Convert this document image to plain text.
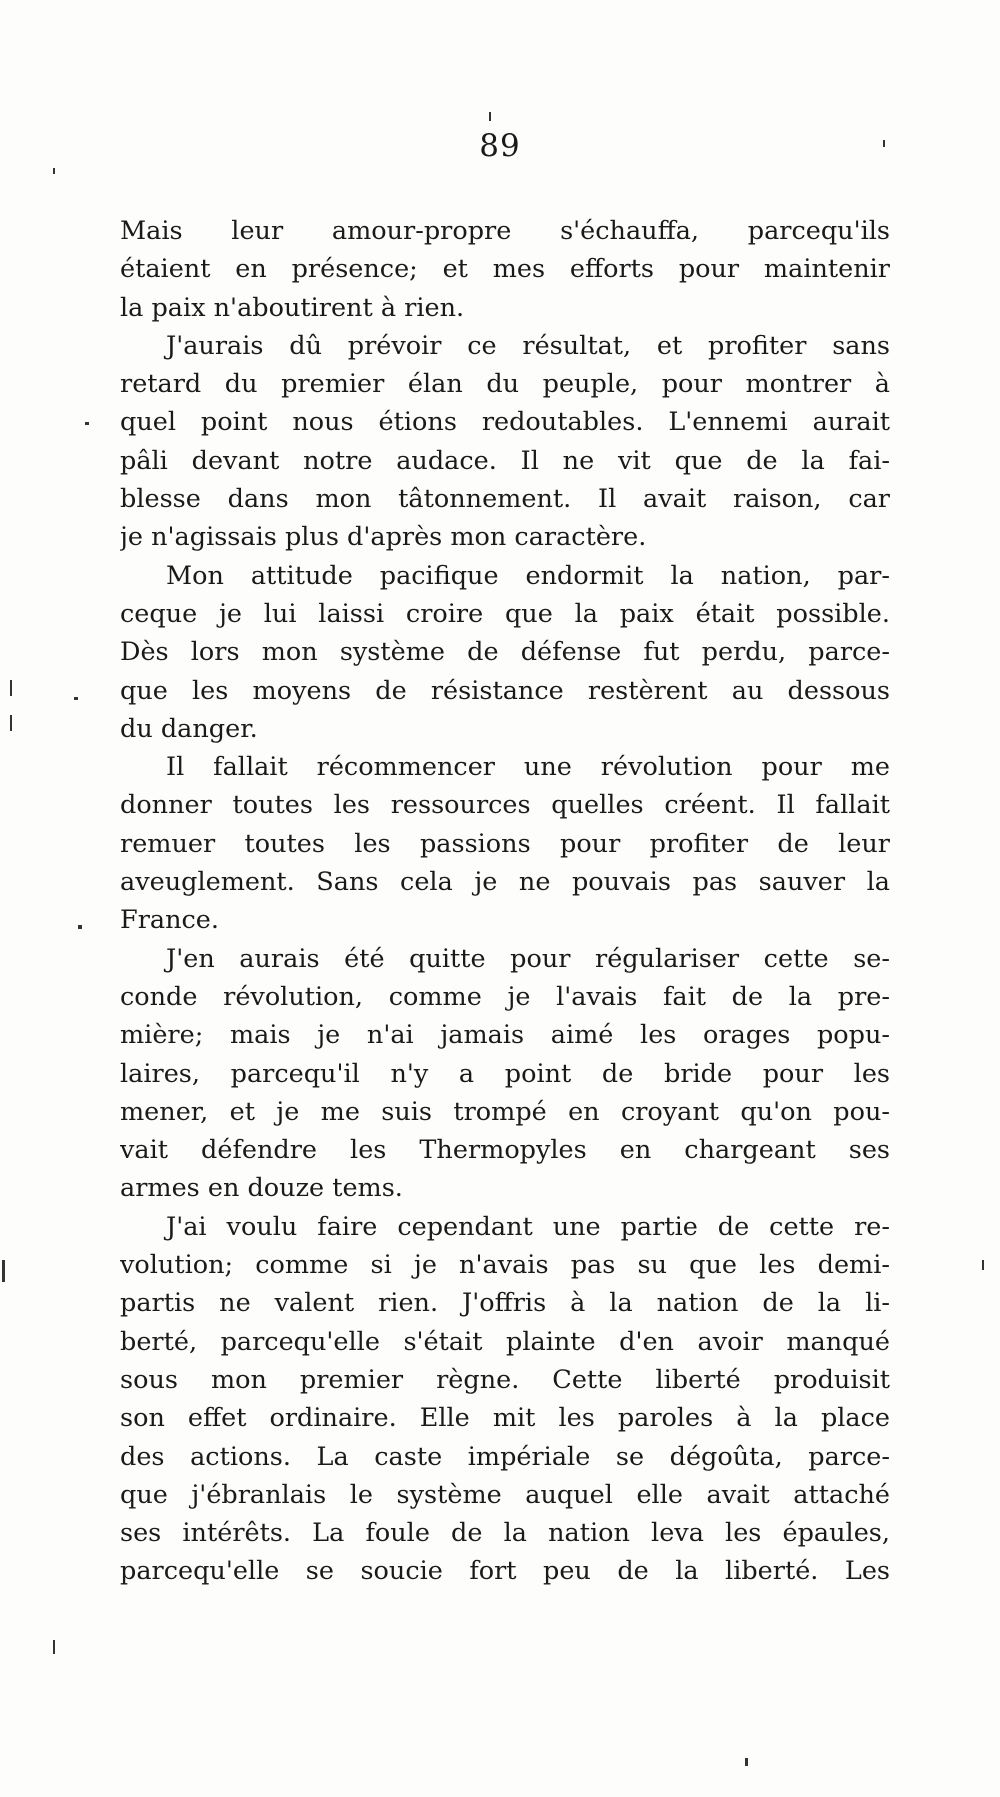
89
Mais leur amour-propre s'échauffa, parcequ'ils
étaient en présence; et mes efforts pour maintenir
la paix n'aboutirent à rien.
J'aurais dû prévoir ce résultat, et profiter sans
retard du premier élan du peuple, pour montrer à
quel point nous étions redoutables. L'ennemi aurait
pâli devant notre audace. Il ne vit que de la fai-
blesse dans mon tâtonnement. Il avait raison, car
je n'agissais plus d'après mon caractère.
Mon attitude pacifique endormit la nation, par-
ceque je lui laissi croire que la paix était possible.
Dès lors mon système de défense fut perdu, parce-
que les moyens de résistance restèrent au dessous
du danger.
Il fallait récommencer une révolution pour me
donner toutes les ressources quelles créent. Il fallait
remuer toutes les passions pour profiter de leur
aveuglement. Sans cela je ne pouvais pas sauver la
France.
J'en aurais été quitte pour régulariser cette se-
conde révolution, comme je l'avais fait de la pre-
mière; mais je n'ai jamais aimé les orages popu-
laires, parcequ'il n'y a point de bride pour les
mener, et je me suis trompé en croyant qu'on pou-
vait défendre les Thermopyles en chargeant ses
armes en douze tems.
J'ai voulu faire cependant une partie de cette re-
volution; comme si je n'avais pas su que les demi-
partis ne valent rien. J'offris à la nation de la li-
berté, parcequ'elle s'était plainte d'en avoir manqué
sous mon premier règne. Cette liberté produisit
son effet ordinaire. Elle mit les paroles à la place
des actions. La caste impériale se dégoûta, parce-
que j'ébranlais le système auquel elle avait attaché
ses intérêts. La foule de la nation leva les épaules,
parcequ'elle se soucie fort peu de la liberté. Les
